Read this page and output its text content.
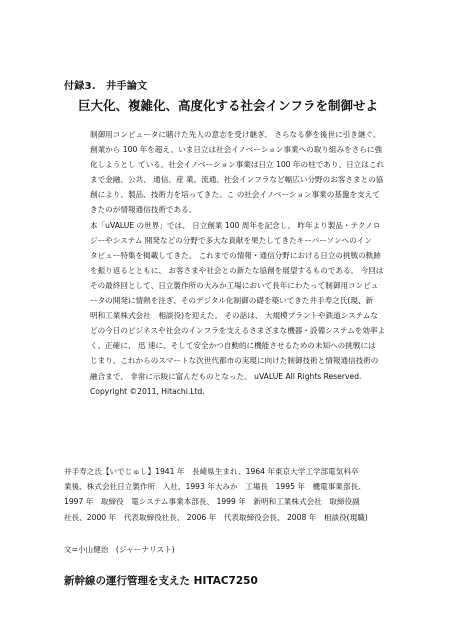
付録3.　井手論文
巨大化、複雑化、高度化する社会インフラを制御せよ

制御用コンピュータに賭けた先人の意志を受け継ぎ、 さらなる夢を後世に引き継ぐ。

創業から 100 年を超え、いま日立は社会イノベーション事業への取り組みをさらに強

化しようとし ている。社会イノベーション事業は日立 100 年の柱であり、日立はこれ

まで金融、公共、 通信、産 業、流通、社会インフラなど幅広い分野のお客さまとの協

創により、製品、技術力を培ってきた。こ の社会イノベーション事業の基盤を支えて

きたのが情報通信技術である。

本「uVALUE の世界」では、 日立創業 100 周年を記念し、 昨年より製品・テクノロ

ジーやシステム 開発などの分野で多大な貢献を果たしてきたキーパーソンへのイン

タビュー特集を掲載してきた。 これまでの情報・通信分野における日立の挑戦の軌跡

を振り返るとともに、 お客さまや社会との新たな協創を展望するものである。 今回は

その最終回として、日立製作所の大みか工場において長年にわたって制御用コンピュ

ータの開発に情熱を注ぎ、そのデジタル化制御の礎を築いてきた井手寿之氏(現、新

明和工業株式会社　相談役)を迎えた。 その話は、 大規模プラントや鉄道システムな

どの今日のビジネスや社会のインフラを支えるさまざまな機器・設備システムを効率よ

く、正確に、 迅 速に、そして安全かつ自動的に機能させるための未知への挑戦には

じまり、これからのスマートな次世代都市の実現に向けた制御技術と情報通信技術の

融合まで、 非常に示唆に富んだものとなった。 uVALUE All Rights Reserved.

Copyright ©2011, Hitachi.Ltd.

井手寿之氏【いでじゅし】1941 年　長崎県生まれ、1964 年東京大学工学部電気科卒

業後、株式会社日立製作所　入社、1993 年大みか　工場長　1995 年　機電事業部長、

1997 年　取締役　電システム事業本部長、 1999 年　新明和工業株式会社　取締役副

社長、2000 年　代表取締役社長、 2006 年　代表取締役会長、 2008 年　相談役(現職)

文=小山健治　(ジャーナリスト)
新幹線の運行管理を支えた HITAC7250
